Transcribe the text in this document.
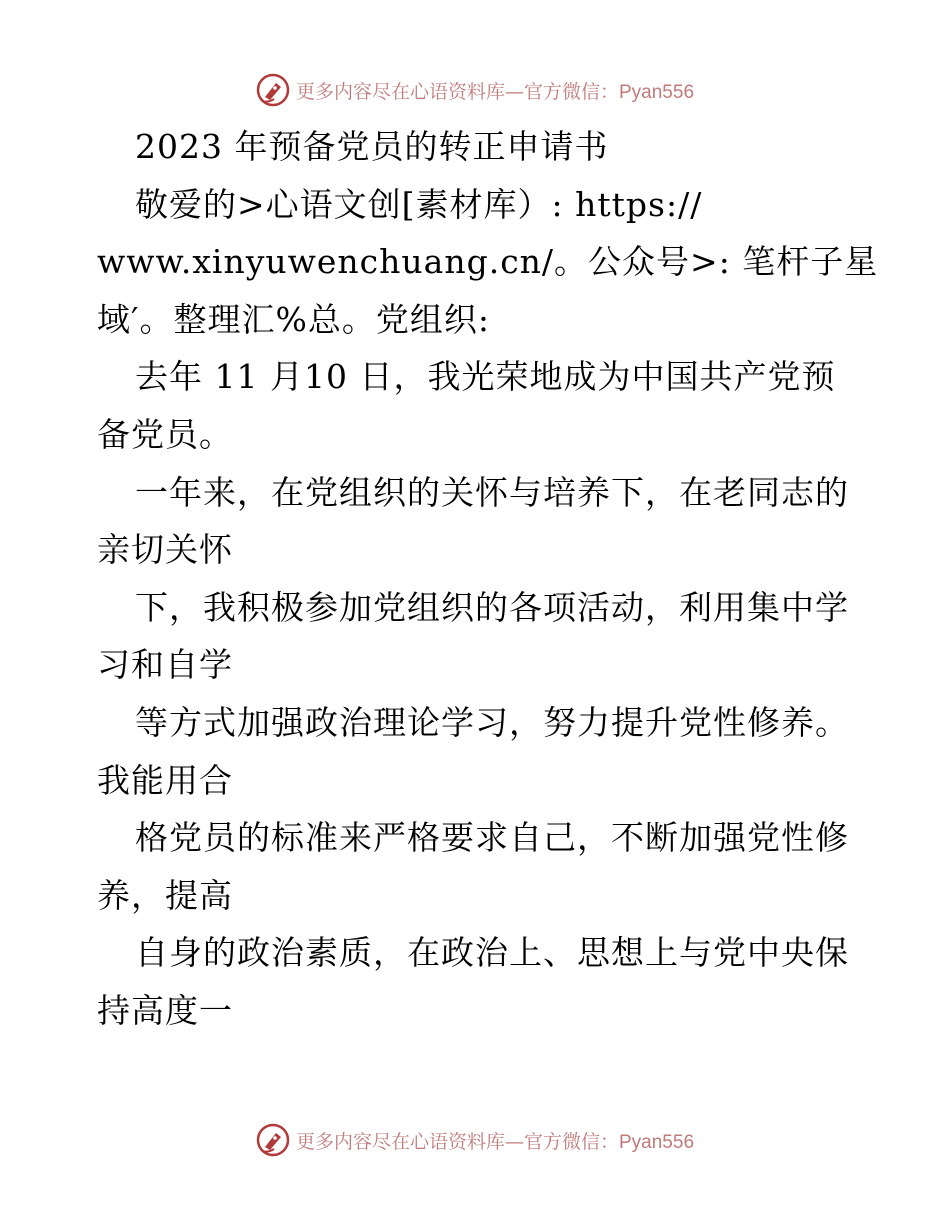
更多内容尽在心语资料库—官方微信：Pyan556
2023 年预备党员的转正申请书
敬爱的>心语文创[素材库）: https://
www.xinyuwenchuang.cn/。公众号>: 笔杆子星
域′。整理汇%总。党组织:
去年 11 月10 日，我光荣地成为中国共产党预
备党员。
一年来，在党组织的关怀与培养下，在老同志的
亲切关怀
下，我积极参加党组织的各项活动，利用集中学
习和自学
等方式加强政治理论学习，努力提升党性修养。
我能用合
格党员的标准来严格要求自己，不断加强党性修
养，提高
自身的政治素质，在政治上、思想上与党中央保
持高度一
更多内容尽在心语资料库—官方微信：Pyan556
